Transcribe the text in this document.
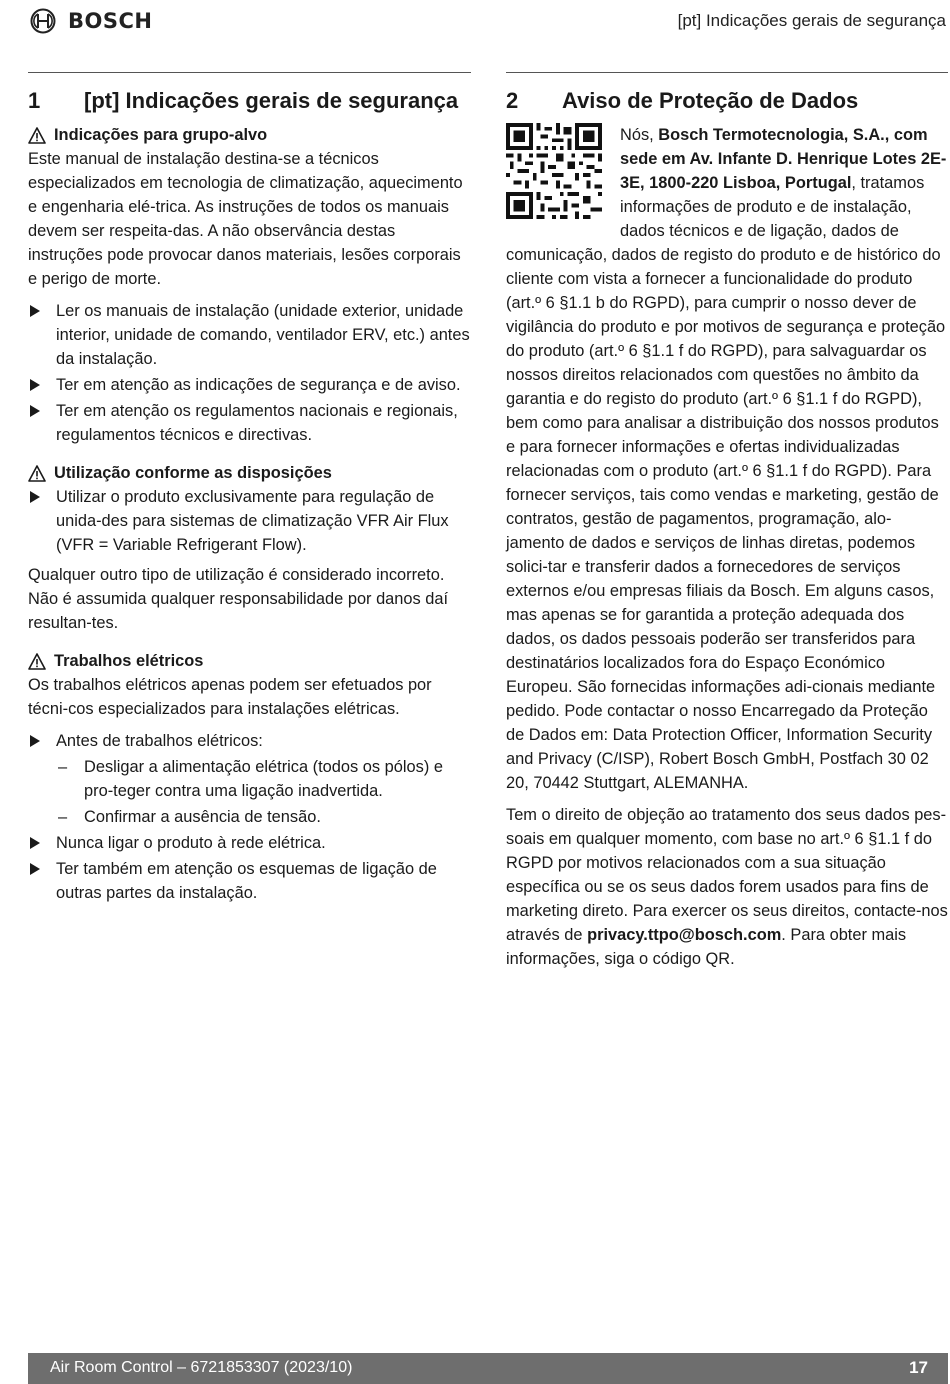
BOSCH	[pt] Indicações gerais de segurança
1	[pt] Indicações gerais de segurança
Indicações para grupo-alvo

Este manual de instalação destina-se a técnicos especializados em tecnologia de climatização, aquecimento e engenharia elé-trica. As instruções de todos os manuais devem ser respeita-das. A não observância destas instruções pode provocar danos materiais, lesões corporais e perigo de morte.

Ler os manuais de instalação (unidade exterior, unidade interior, unidade de comando, ventilador ERV, etc.) antes da instalação.
Ter em atenção as indicações de segurança e de aviso.
Ter em atenção os regulamentos nacionais e regionais, regulamentos técnicos e directivas.
Utilização conforme as disposições
Utilizar o produto exclusivamente para regulação de unida-des para sistemas de climatização VFR Air Flux (VFR = Variable Refrigerant Flow).

Qualquer outro tipo de utilização é considerado incorreto. Não é assumida qualquer responsabilidade por danos daí resultan-tes.

Trabalhos elétricos

Os trabalhos elétricos apenas podem ser efetuados por técni-cos especializados para instalações elétricas.

Antes de trabalhos elétricos:
– Desligar a alimentação elétrica (todos os pólos) e pro-teger contra uma ligação inadvertida.
– Confirmar a ausência de tensão.
Nunca ligar o produto à rede elétrica.
Ter também em atenção os esquemas de ligação de outras partes da instalação.
2	Aviso de Proteção de Dados

Nós, Bosch Termotecnologia, S.A., com sede em Av. Infante D. Henrique Lotes 2E-3E, 1800-220 Lisboa, Portugal, tratamos informações de produto e de instalação, dados técnicos e de ligação, dados de comunicação, dados de registo do produto e de histórico do cliente com vista a fornecer a funcionalidade do produto (art.º 6 §1.1 b do RGPD), para cumprir o nosso dever de vigilância do produto e por motivos de segurança e proteção do produto (art.º 6 §1.1 f do RGPD), para salvaguardar os nossos direitos relacionados com questões no âmbito da garantia e do registo do produto (art.º 6 §1.1 f do RGPD), bem como para analisar a distribuição dos nossos produtos e para fornecer informações e ofertas individualizadas relacionadas com o produto (art.º 6 §1.1 f do RGPD). Para fornecer serviços, tais como vendas e marketing, gestão de contratos, gestão de pagamentos, programação, alo-jamento de dados e serviços de linhas diretas, podemos solici-tar e transferir dados a fornecedores de serviços externos e/ou empresas filiais da Bosch. Em alguns casos, mas apenas se for garantida a proteção adequada dos dados, os dados pessoais poderão ser transferidos para destinatários localizados fora do Espaço Económico Europeu. São fornecidas informações adi-cionais mediante pedido. Pode contactar o nosso Encarregado da Proteção de Dados em: Data Protection Officer, Information Security and Privacy (C/ISP), Robert Bosch GmbH, Postfach 30 02 20, 70442 Stuttgart, ALEMANHA.

Tem o direito de objeção ao tratamento dos seus dados pes-soais em qualquer momento, com base no art.º 6 §1.1 f do RGPD por motivos relacionados com a sua situação específica ou se os seus dados forem usados para fins de marketing direto. Para exercer os seus direitos, contacte-nos através de privacy.ttpo@bosch.com. Para obter mais informações, siga o código QR.

Air Room Control – 6721853307 (2023/10)	17
